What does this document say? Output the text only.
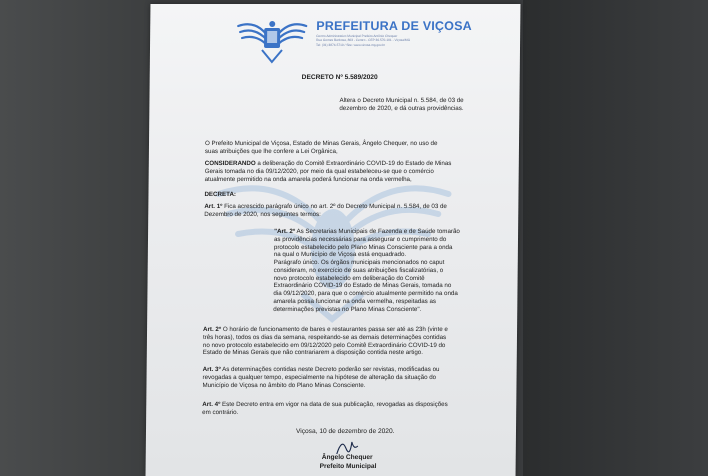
PREFEITURA DE VIÇOSA
Centro Administrativo Municipal Prefeito Antônio Chequer
Rua Gomes Barbosa, 803 - Centro - CEP 36.570-101 - Viçosa/MG
Tel: (31) 3874-5719 / Site: www.vicosa.mg.gov.br
DECRETO Nº 5.589/2020
Altera o Decreto Municipal n. 5.584, de 03 de
dezembro de 2020, e dá outras providências.
O Prefeito Municipal de Viçosa, Estado de Minas Gerais, Ângelo Chequer, no uso de
suas atribuições que lhe confere a Lei Orgânica,
CONSIDERANDO a deliberação do Comitê Extraordinário COVID-19 do Estado de Minas
Gerais tomada no dia 09/12/2020, por meio da qual estabeleceu-se que o comércio
atualmente permitido na onda amarela poderá funcionar na onda vermelha,
DECRETA:
Art. 1º Fica acrescido parágrafo único no art. 2º do Decreto Municipal n. 5.584, de 03 de
Dezembro de 2020, nos seguintes termos:
"Art. 2º As Secretarias Municipais de Fazenda e de Saúde tomarão
as providências necessárias para assegurar o cumprimento do
protocolo estabelecido pelo Plano Minas Consciente para a onda
na qual o Município de Viçosa está enquadrado.
Parágrafo único. Os órgãos municipais mencionados no caput
consideram, no exercício de suas atribuições fiscalizatórias, o
novo protocolo estabelecido em deliberação do Comitê
Extraordinário COVID-19 do Estado de Minas Gerais, tomada no
dia 09/12/2020, para que o comércio atualmente permitido na onda
amarela possa funcionar na onda vermelha, respeitadas as
determinações previstas no Plano Minas Consciente".
Art. 2º O horário de funcionamento de bares e restaurantes passa ser até as 23h (vinte e
três horas), todos os dias da semana, respeitando-se as demais determinações contidas
no novo protocolo estabelecido em 09/12/2020 pelo Comitê Extraordinário COVID-19 do
Estado de Minas Gerais que não contrariarem a disposição contida neste artigo.
Art. 3º As determinações contidas neste Decreto poderão ser revistas, modificadas ou
revogadas a qualquer tempo, especialmente na hipótese de alteração da situação do
Município de Viçosa no âmbito do Plano Minas Consciente.
Art. 4º Este Decreto entra em vigor na data de sua publicação, revogadas as disposições
em contrário.
Viçosa, 10 de dezembro de 2020.
Ângelo Chequer
Prefeito Municipal
